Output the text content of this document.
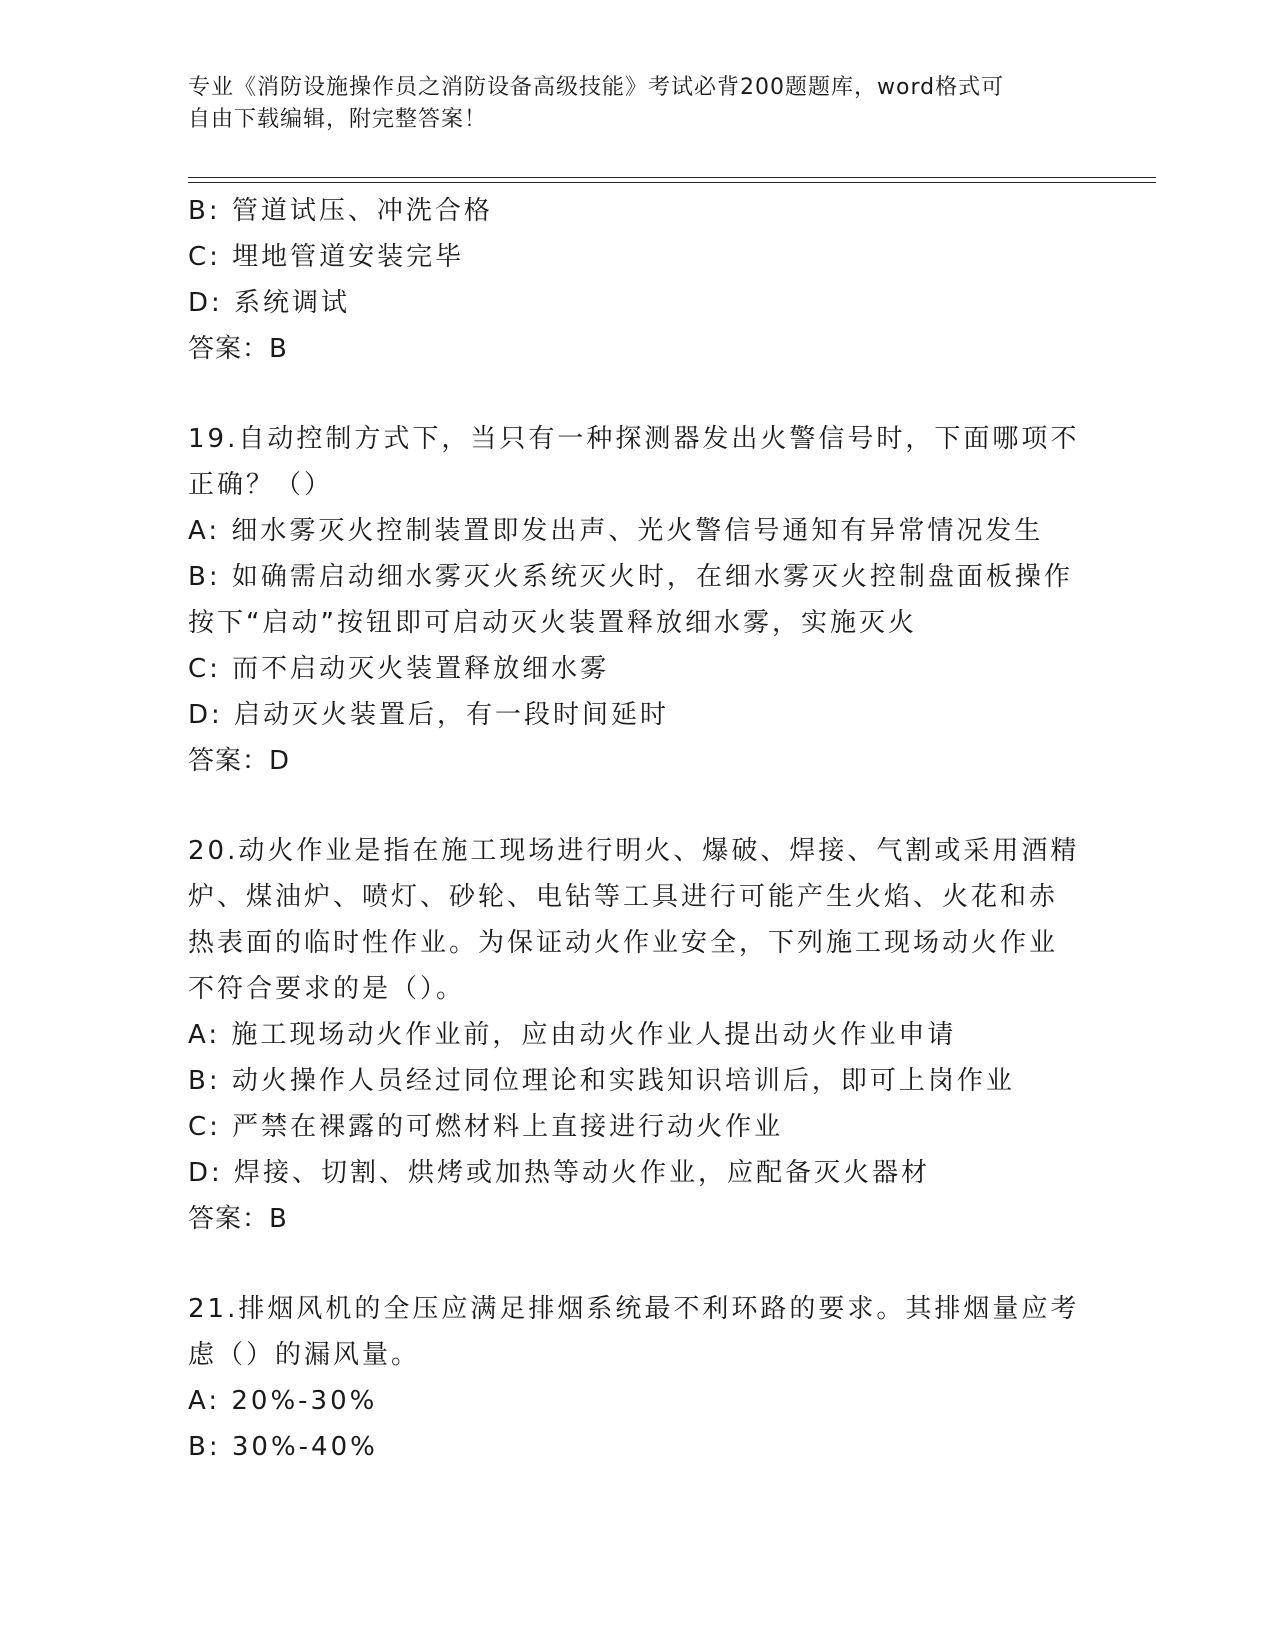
专业《消防设施操作员之消防设备高级技能》考试必背200题题库，word格式可
自由下载编辑，附完整答案！
B: 管道试压、冲洗合格
C: 埋地管道安装完毕
D: 系统调试
答案：B
19.自动控制方式下，当只有一种探测器发出火警信号时，下面哪项不
正确？（）
A: 细水雾灭火控制装置即发出声、光火警信号通知有异常情况发生
B: 如确需启动细水雾灭火系统灭火时，在细水雾灭火控制盘面板操作
按下“启动”按钮即可启动灭火装置释放细水雾，实施灭火
C: 而不启动灭火装置释放细水雾
D: 启动灭火装置后，有一段时间延时
答案：D
20.动火作业是指在施工现场进行明火、爆破、焊接、气割或采用酒精
炉、煤油炉、喷灯、砂轮、电钻等工具进行可能产生火焰、火花和赤
热表面的临时性作业。为保证动火作业安全，下列施工现场动火作业
不符合要求的是（）。
A: 施工现场动火作业前，应由动火作业人提出动火作业申请
B: 动火操作人员经过同位理论和实践知识培训后，即可上岗作业
C: 严禁在裸露的可燃材料上直接进行动火作业
D: 焊接、切割、烘烤或加热等动火作业，应配备灭火器材
答案：B
21.排烟风机的全压应满足排烟系统最不利环路的要求。其排烟量应考
虑（）的漏风量。
A: 20%-30%
B: 30%-40%
